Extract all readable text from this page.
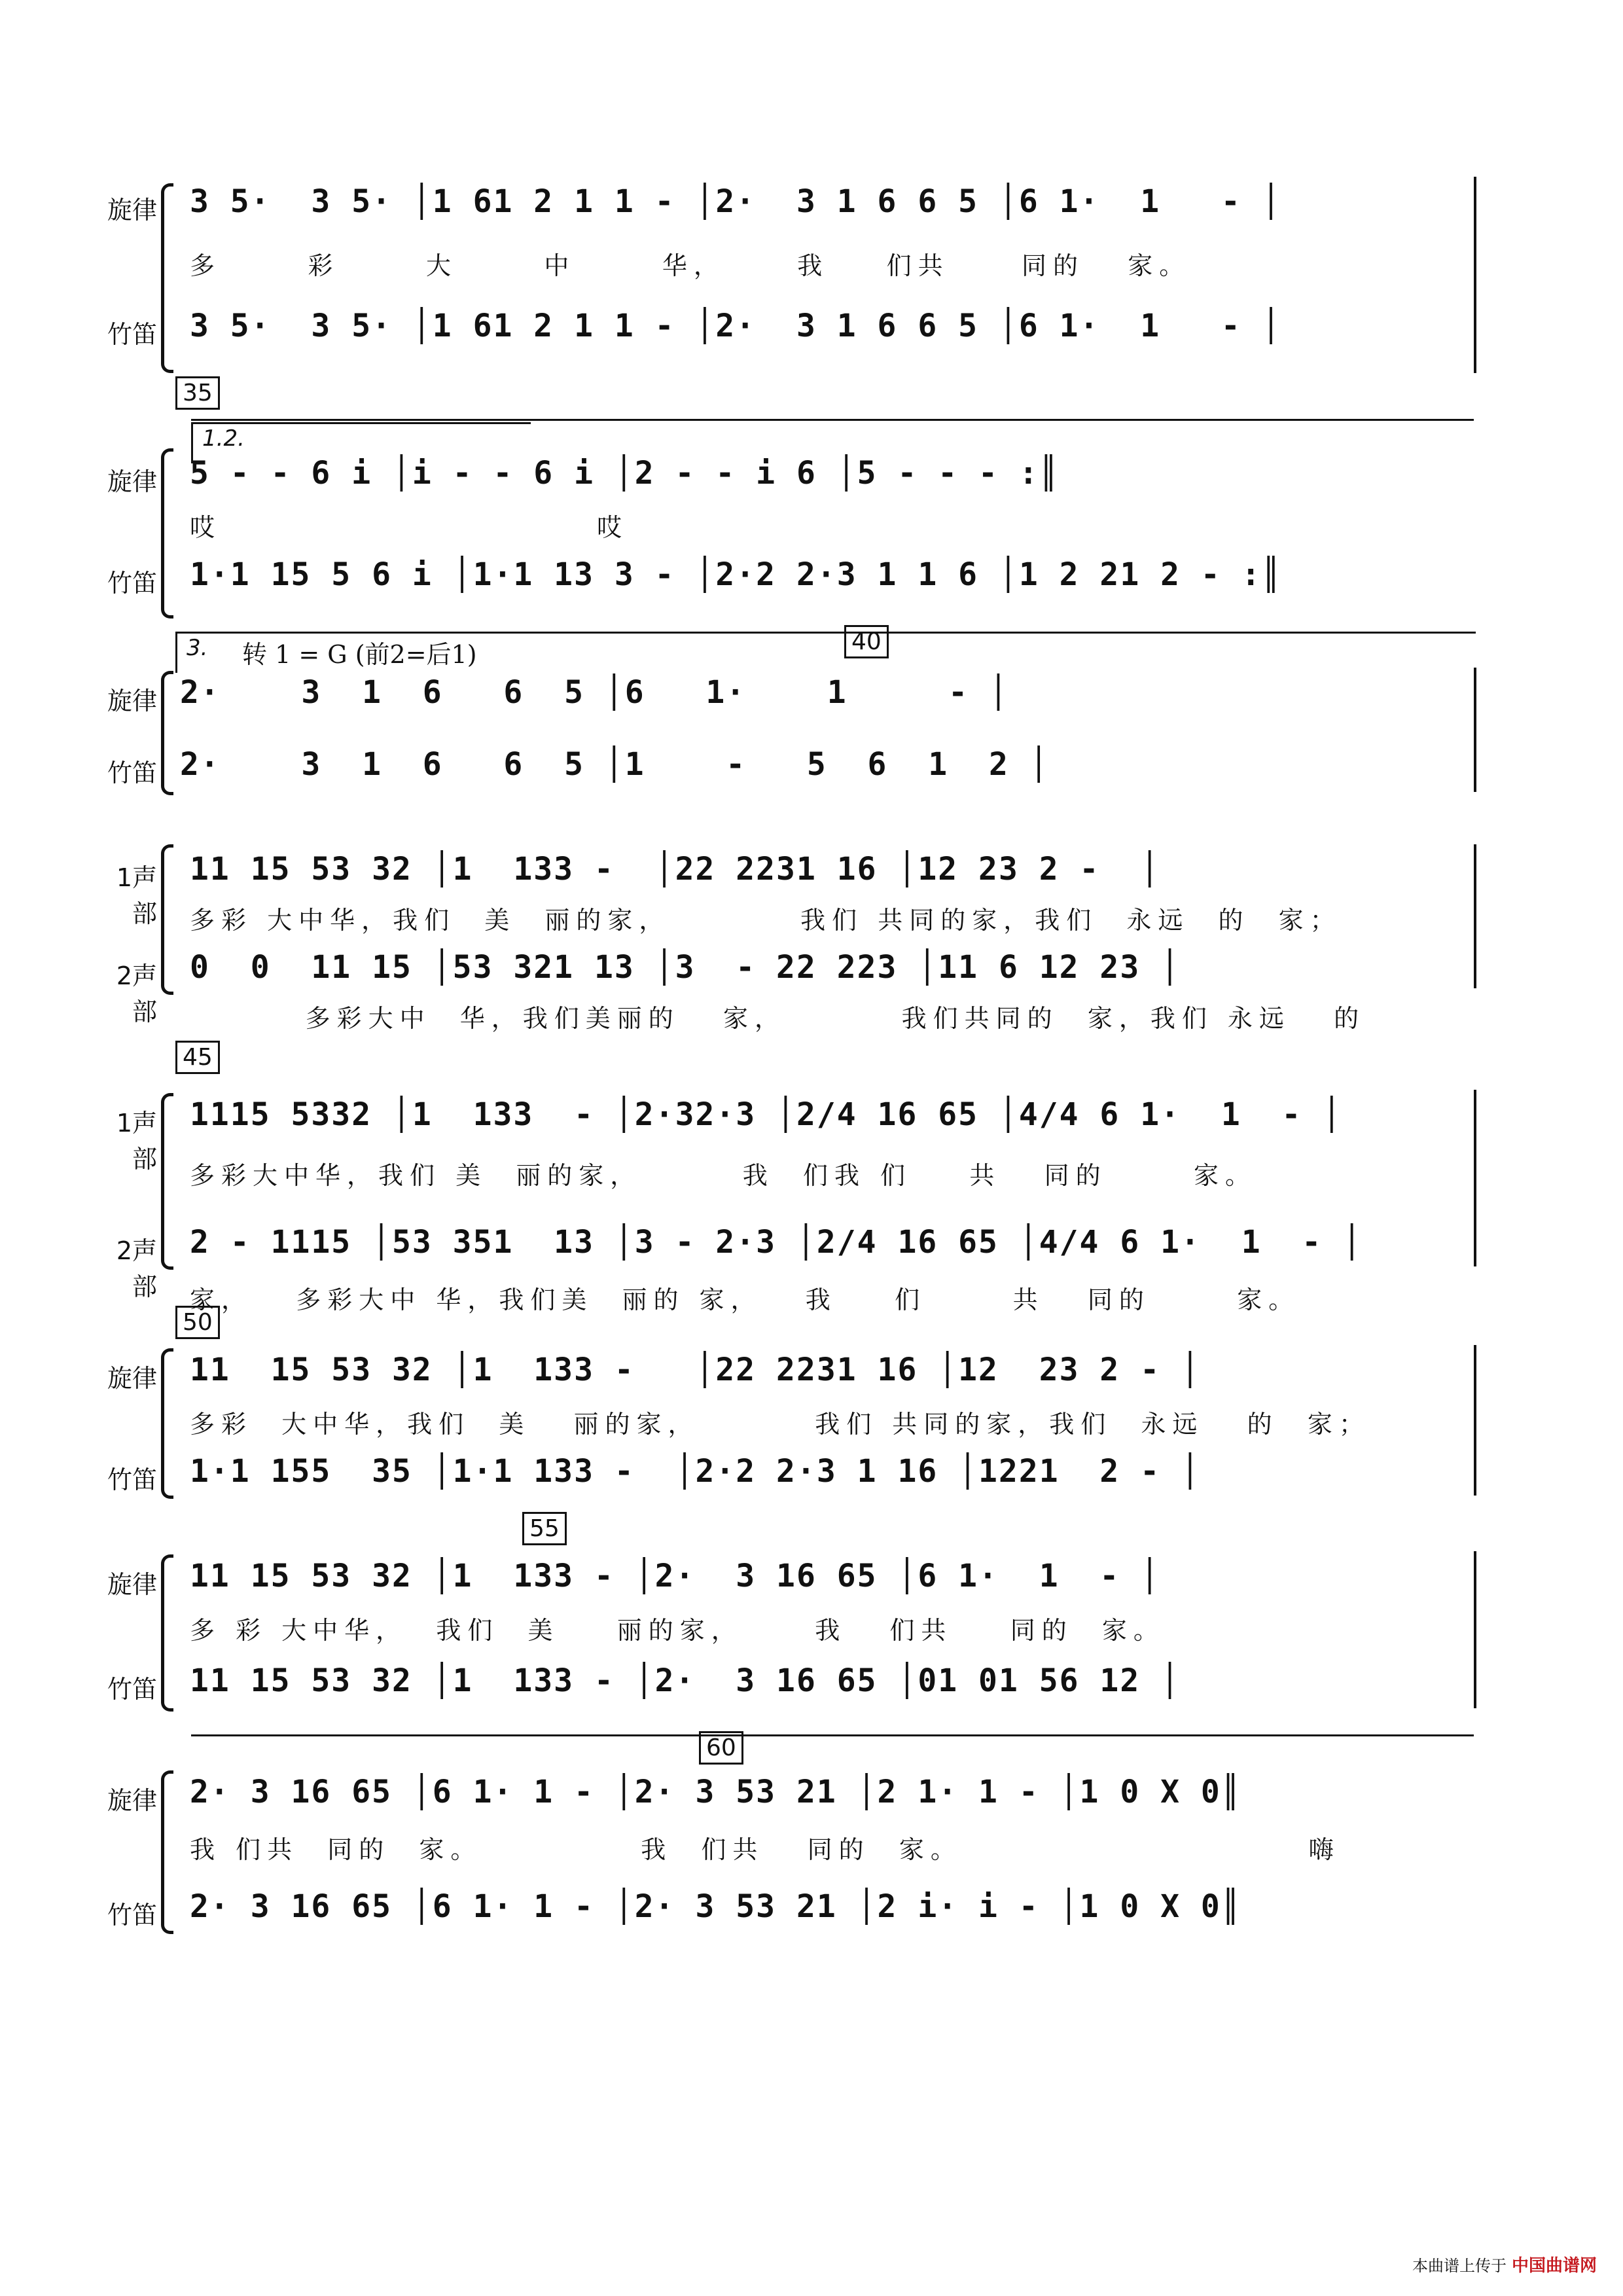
旋律
竹笛
3 5·  3 5· │1 61 2 1 1 - │2·  3 1 6 6 5 │6 1·  1   - │
多      彩      大      中      华，     我    们共     同的   家。
3 5·  3 5· │1 61 2 1 1 - │2·  3 1 6 6 5 │6 1·  1   - │
35
1.2.
旋律
竹笛
5 - - 6 i │i - - 6 i │2 - - i 6 │5 - - - :║
哎                          哎
1·1 15 5 6 i │1·1 13 3 - │2·2 2·3 1 1 6 │1 2 21 2 - :║
3. 转 1 = G (前2=后1)	40
旋律
竹笛
2·    3  1  6   6  5 │6   1·    1     - │
2·    3  1  6   6  5 │1    -   5  6  1  2 │
1声部
2声部
11 15 53 32 │1  133 -  │22 2231 16 │12 23 2 -  │
多彩 大中华，我们  美  丽的家，         我们 共同的家，我们  永远  的  家；
0  0  11 15 │53 321 13 │3  - 22 223 │11 6 12 23 │
多彩大中  华，我们美丽的   家，        我们共同的  家，我们 永远   的
45
1声部
2声部
1115 5332 │1  133  - │2·32·3 │2/4 16 65 │4/4 6 1·  1  - │
多彩大中华，我们 美  丽的家，       我  们我 们    共   同的      家。
2 - 1115 │53 351  13 │3 - 2·3 │2/4 16 65 │4/4 6 1·  1  - │
家，   多彩大中 华，我们美  丽的 家，   我    们      共   同的      家。
50
旋律
竹笛
11  15 53 32 │1  133 -   │22 2231 16 │12  23 2 - │
多彩  大中华，我们  美   丽的家，        我们 共同的家，我们  永远   的  家；
1·1 155  35 │1·1 133 -  │2·2 2·3 1 16 │1221  2 - │
55
旋律
竹笛
11 15 53 32 │1  133 - │2·  3 16 65 │6 1·  1  - │
多 彩 大中华，  我们  美    丽的家，     我   们共    同的  家。
11 15 53 32 │1  133 - │2·  3 16 65 │01 01 56 12 │
60
旋律
竹笛
2· 3 16 65 │6 1· 1 - │2· 3 53 21 │2 1· 1 - │1 0 X 0║
我 们共  同的  家。           我  们共   同的  家。                        嗨
2· 3 16 65 │6 1· 1 - │2· 3 53 21 │2 i· i - │1 0 X 0║
本曲谱上传于 中国曲谱网
